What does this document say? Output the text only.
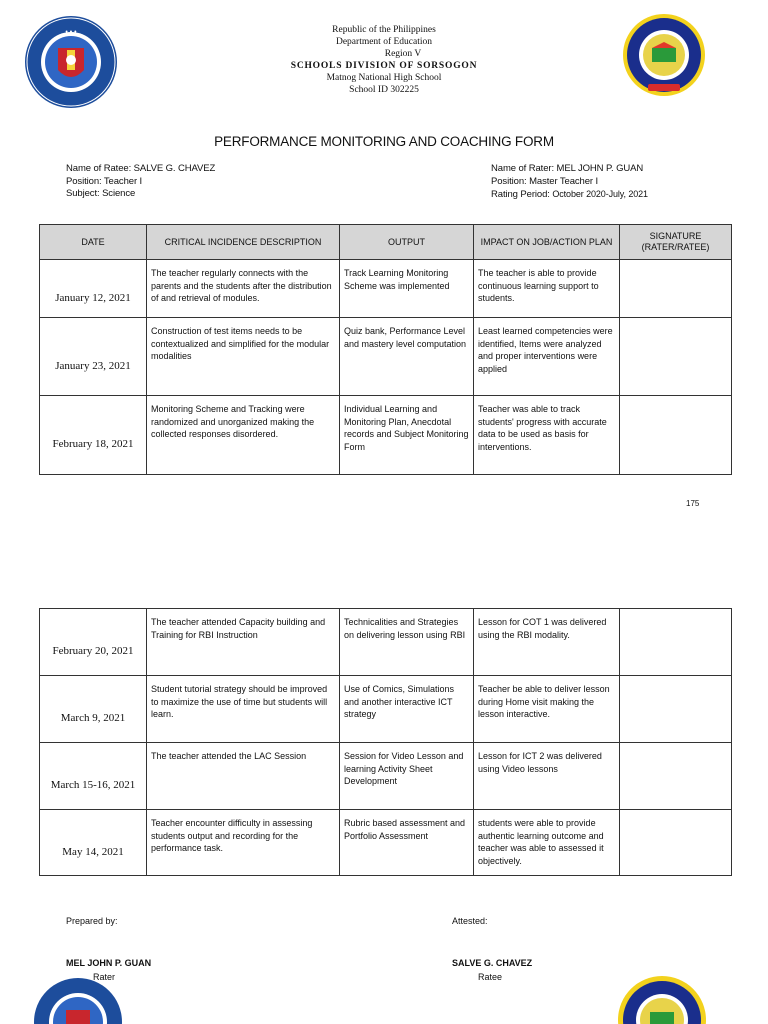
• • •	Republic of the Philippines
Department of Education
Region V
SCHOOLS DIVISION OF SORSOGON
Matnog National High School
School ID 302225
PERFORMANCE MONITORING AND COACHING FORM
Name of Ratee: SALVE G. CHAVEZ
Position: Teacher I
Subject: Science
Name of Rater: MEL JOHN P. GUAN
Position: Master Teacher I
Rating Period: October 2020-July, 2021
DATE	CRITICAL INCIDENCE DESCRIPTION	OUTPUT	IMPACT ON JOB/ACTION PLAN	SIGNATURE (RATER/RATEE)
January 12, 2021	The teacher regularly connects with the parents and the students after the distribution of and retrieval of modules.	Track Learning Monitoring Scheme was implemented	The teacher is able to provide continuous learning support to students.	
January 23, 2021	Construction of test items needs to be contextualized and simplified for the modular modalities	Quiz bank, Performance Level and mastery level computation	Least learned competencies were identified, Items were analyzed and proper interventions were applied	
February 18, 2021	Monitoring Scheme and Tracking were randomized and unorganized making the collected responses disordered.	Individual Learning and Monitoring Plan, Anecdotal records and Subject Monitoring Form	Teacher was able to track students' progress with accurate data to be used as basis for interventions.	
175
February 20, 2021	The teacher attended Capacity building and Training for RBI Instruction	Technicalities and Strategies on delivering lesson using RBI	Lesson for COT 1 was delivered using the RBI modality.	
March 9, 2021	Student tutorial strategy should be improved to maximize the use of time but students will learn.	Use of Comics, Simulations and another interactive ICT strategy	Teacher be able to deliver lesson during Home visit making the lesson interactive.	
March 15-16, 2021	The teacher attended the LAC Session	Session for Video Lesson and learning Activity Sheet Development	Lesson for ICT 2 was delivered using Video lessons	
May 14, 2021	Teacher encounter difficulty in assessing students output and recording for the performance task.	Rubric based assessment and Portfolio Assessment	students were able to provide authentic learning outcome and teacher was able to assessed it objectively.	
Prepared by:	Attested:
MEL JOHN P. GUAN
Rater
SALVE G. CHAVEZ
Ratee
